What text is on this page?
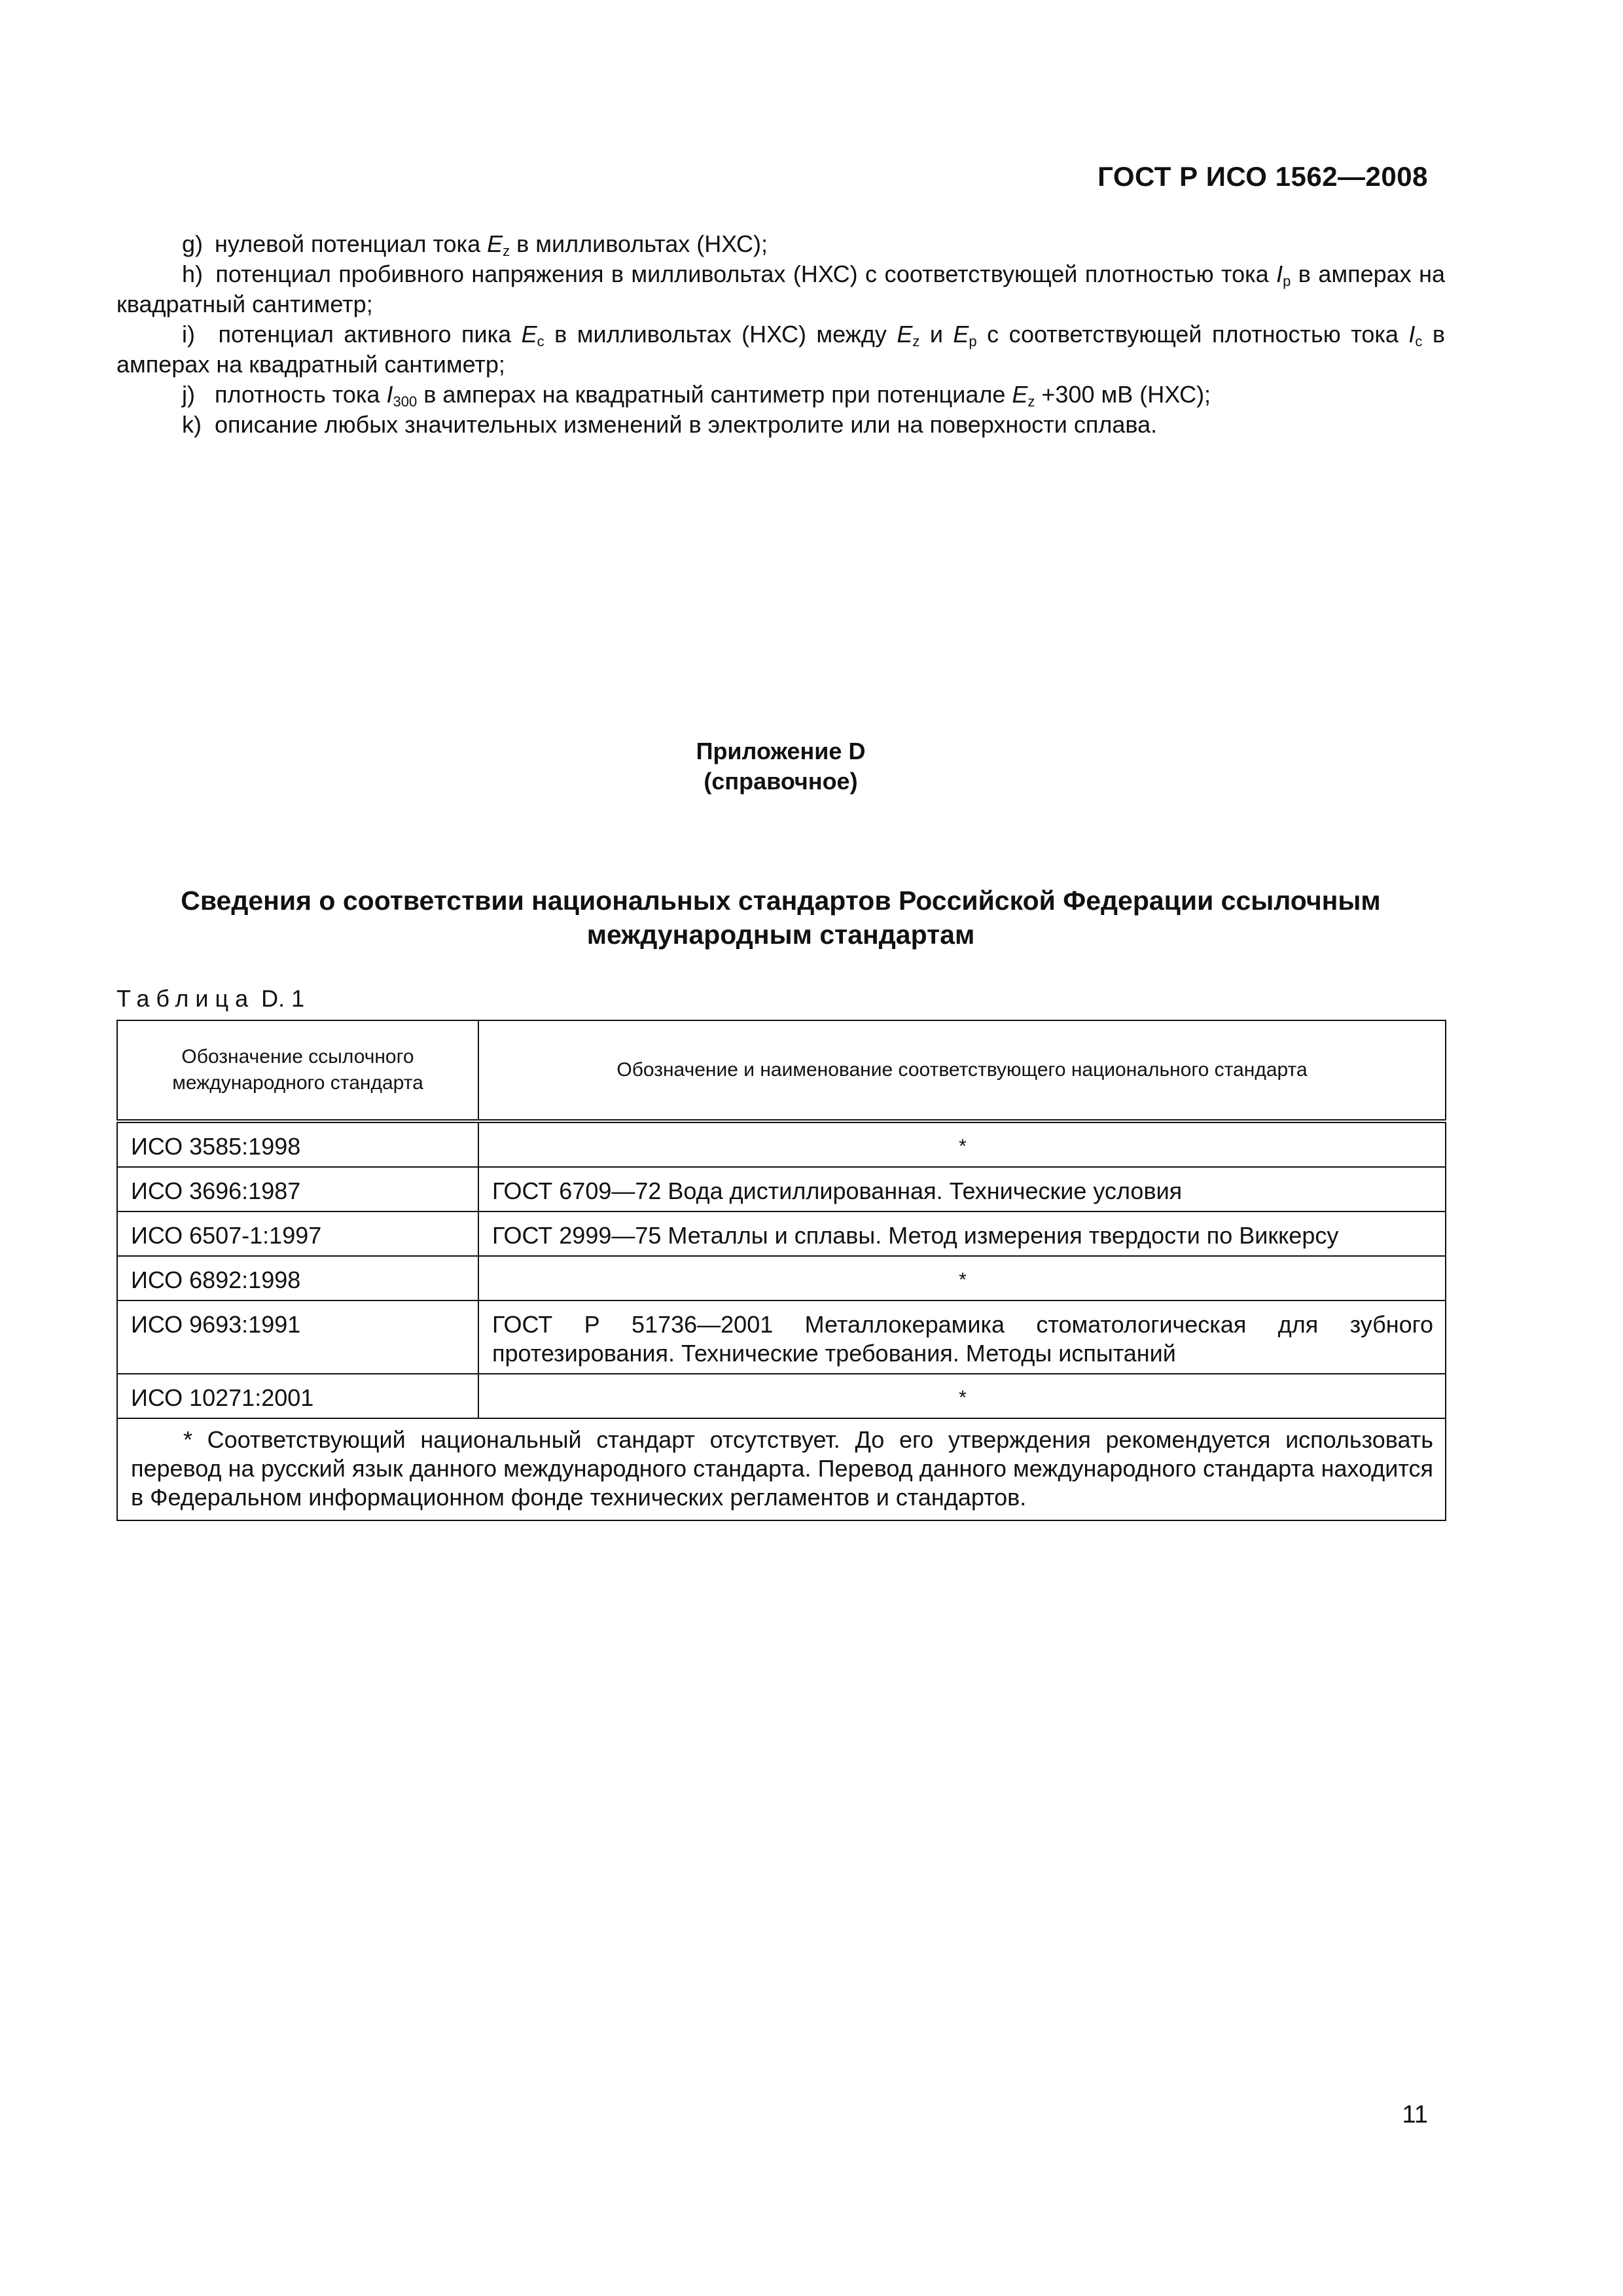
ГОСТ Р ИСО 1562—2008
g) нулевой потенциал тока $E_z$ в милливольтах (НХС);
h) потенциал пробивного напряжения в милливольтах (НХС) с соответствующей плотностью тока $I_p$ в амперах на квадратный сантиметр;
i) потенциал активного пика $E_c$ в милливольтах (НХС) между $E_z$ и $E_p$ с соответствующей плотностью тока $I_c$ в амперах на квадратный сантиметр;
j) плотность тока $I_{300}$ в амперах на квадратный сантиметр при потенциале $E_z +300$ мВ (НХС);
k) описание любых значительных изменений в электролите или на поверхности сплава.
Приложение D
(справочное)
Сведения о соответствии национальных стандартов Российской Федерации ссылочным международным стандартам
Таблица D. 1
Обозначение ссылочного международного стандарта	Обозначение и наименование соответствующего национального стандарта
ИСО 3585:1998	*
ИСО 3696:1987	ГОСТ 6709—72 Вода дистиллированная. Технические условия
ИСО 6507-1:1997	ГОСТ 2999—75 Металлы и сплавы. Метод измерения твердости по Виккерсу
ИСО 6892:1998	*
ИСО 9693:1991	ГОСТ Р 51736—2001 Металлокерамика стоматологическая для зубного протезирования. Технические требования. Методы испытаний
ИСО 10271:2001	*
* Соответствующий национальный стандарт отсутствует. До его утверждения рекомендуется использовать перевод на русский язык данного международного стандарта. Перевод данного международного стандарта находится в Федеральном информационном фонде технических регламентов и стандартов.	
11
